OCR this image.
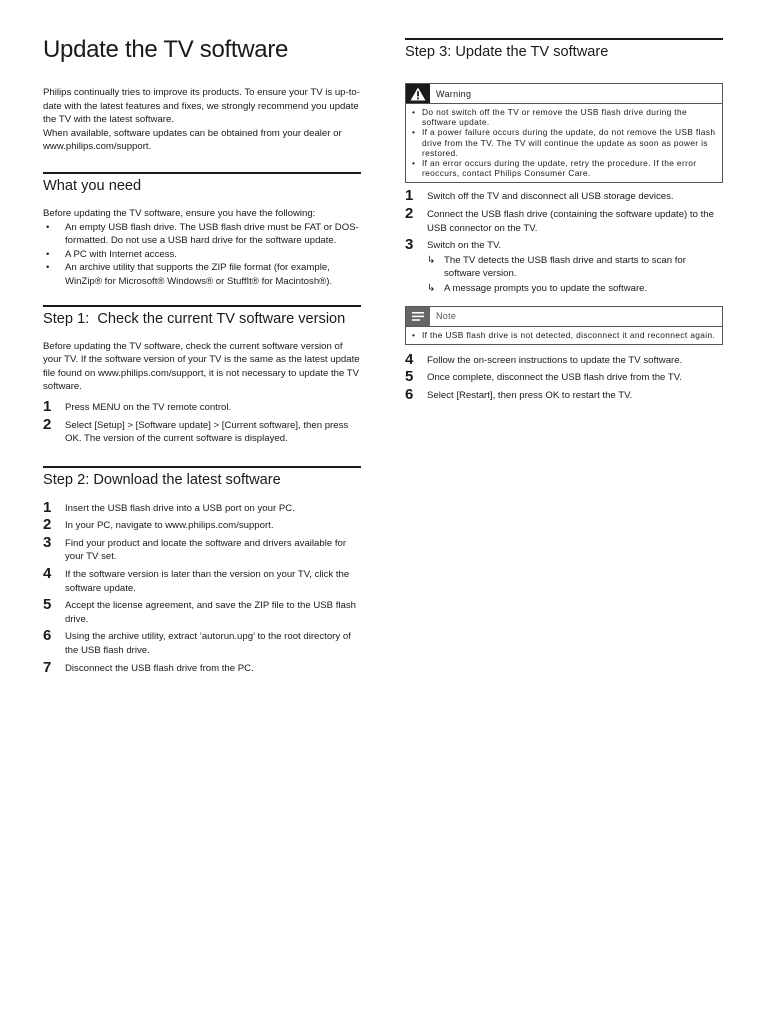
Update the TV software

Philips continually tries to improve its products. To ensure your TV is up-to-date with the latest features and fixes, we strongly recommend you update the TV with the latest software.

When available, software updates can be obtained from your dealer or www.philips.com/support.

What you need

Before updating the TV software, ensure you have the following:

• An empty USB flash drive. The USB flash drive must be FAT or DOS-formatted. Do not use a USB hard drive for the software update.
• A PC with Internet access.
• An archive utility that supports the ZIP file format (for example, WinZip® for Microsoft® Windows® or StuffIt® for Macintosh®).
Step 1: Check the current TV software version

Before updating the TV software, check the current software version of your TV. If the software version of your TV is the same as the latest update file found on www.philips.com/support, it is not necessary to update the TV software.

1	Press MENU on the TV remote control.
2	Select [Setup] > [Software update] > [Current software], then press OK. The version of the current software is displayed.
Step 2: Download the latest software
1	Insert the USB flash drive into a USB port on your PC.
2	In your PC, navigate to www.philips.com/support.
3	Find your product and locate the software and drivers available for your TV set.
4	If the software version is later than the version on your TV, click the software update.
5	Accept the license agreement, and save the ZIP file to the USB flash drive.
6	Using the archive utility, extract ‘autorun.upg’ to the root directory of the USB flash drive.
7	Disconnect the USB flash drive from the PC.
Step 3: Update the TV software
Warning
• Do not switch off the TV or remove the USB flash drive during the software update.
• If a power failure occurs during the update, do not remove the USB flash drive from the TV. The TV will continue the update as soon as power is restored.
• If an error occurs during the update, retry the procedure. If the error reoccurs, contact Philips Consumer Care.
1	Switch off the TV and disconnect all USB storage devices.
2	Connect the USB flash drive (containing the software update) to the USB connector on the TV.
3	Switch on the TV.
↳ The TV detects the USB flash drive and starts to scan for software version.
↳ A message prompts you to update the software.
Note
• If the USB flash drive is not detected, disconnect it and reconnect again.
4	Follow the on-screen instructions to update the TV software.
5	Once complete, disconnect the USB flash drive from the TV.
6	Select [Restart], then press OK to restart the TV.
